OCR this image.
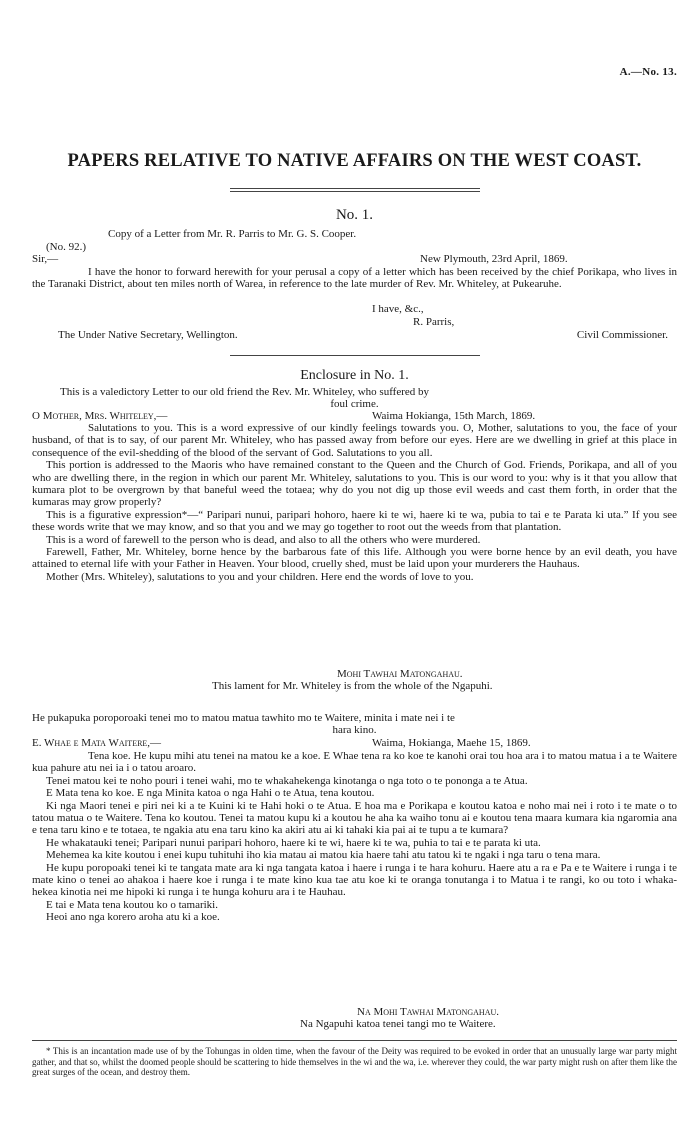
A.—No. 13.
PAPERS RELATIVE TO NATIVE AFFAIRS ON THE WEST COAST.
No. 1.
Copy of a Letter from Mr. R. Parris to Mr. G. S. Cooper.
(No. 92.)
Sir,—	New Plymouth, 23rd April, 1869.

I have the honor to forward herewith for your perusal a copy of a letter which has been received by the chief Porikapa, who lives in the Taranaki District, about ten miles north of Warea, in reference to the late murder of Rev. Mr. Whiteley, at Pukearuhe.

I have, &c.,
R. Parris,
The Under Native Secretary, Wellington.	Civil Commissioner.
Enclosure in No. 1.
This is a valedictory Letter to our old friend the Rev. Mr. Whiteley, who suffered by
foul crime.
O Mother, Mrs. Whiteley,—	Waima Hokianga, 15th March, 1869.

Salutations to you. This is a word expressive of our kindly feelings towards you. O, Mother, salutations to you, the face of your husband, of that is to say, of our parent Mr. Whiteley, who has passed away from before our eyes. Here are we dwelling in grief at this place in consequence of the evil-shedding of the blood of the servant of God. Salutations to you all.

This portion is addressed to the Maoris who have remained constant to the Queen and the Church of God. Friends, Porikapa, and all of you who are dwelling there, in the region in which our parent Mr. Whiteley, salutations to you. This is our word to you: why is it that you allow that kumara plot to be overgrown by that baneful weed the totaea; why do you not dig up those evil weeds and cast them forth, in order that the kumaras may grow properly?

This is a figurative expression*—“ Paripari nunui, paripari hohoro, haere ki te wi, haere ki te wa, pubia to tai e te Parata ki uta.” If you see these words write that we may know, and so that you and we may go together to root out the weeds from that plantation.

This is a word of farewell to the person who is dead, and also to all the others who were murdered.

Farewell, Father, Mr. Whiteley, borne hence by the barbarous fate of this life. Although you were borne hence by an evil death, you have attained to eternal life with your Father in Heaven. Your blood, cruelly shed, must be laid upon your murderers the Hauhaus.

Mother (Mrs. Whiteley), salutations to you and your children. Here end the words of love to you.

Mohi Tawhai Matongahau.
This lament for Mr. Whiteley is from the whole of the Ngapuhi.
He pukapuka poroporoaki tenei mo to matou matua tawhito mo te Waitere, minita i mate nei i te
hara kino.
E. Whae e Mata Waitere,—	Waima, Hokianga, Maehe 15, 1869.

Tena koe. He kupu mihi atu tenei na matou ke a koe. E Whae tena ra ko koe te kanohi orai tou hoa ara i to matou matua i a te Waitere kua pahure atu nei ia i o tatou aroaro.

Tenei matou kei te noho pouri i tenei wahi, mo te whakahekenga kinotanga o nga toto o te pononga a te Atua.

E Mata tena ko koe. E nga Minita katoa o nga Hahi o te Atua, tena koutou.

Ki nga Maori tenei e piri nei ki a te Kuini ki te Hahi hoki o te Atua. E hoa ma e Porikapa e koutou katoa e noho mai nei i roto i te mate o to tatou matua o te Waitere. Tena ko koutou. Tenei ta matou kupu ki a koutou he aha ka waiho tonu ai e koutou tena maara kumara kia ngaromia ana e tena taru kino e te totaea, te ngakia atu ena taru kino ka akiri atu ai ki tahaki kia pai ai te tupu a te kumara?

He whakatauki tenei; Paripari nunui paripari hohoro, haere ki te wi, haere ki te wa, puhia to tai e te parata ki uta.

Mehemea ka kite koutou i enei kupu tuhituhi iho kia matau ai matou kia haere tahi atu tatou ki te ngaki i nga taru o tena mara.

He kupu poropoaki tenei ki te tangata mate ara ki nga tangata katoa i haere i runga i te hara kohuru. Haere atu a ra e Pa e te Waitere i runga i te mate kino o tenei ao ahakoa i haere koe i runga i te mate kino kua tae atu koe ki te oranga tonutanga i to Matua i te rangi, ko ou toto i whaka-hekea kinotia nei me hipoki ki runga i te hunga kohuru ara i te Hauhau.

E tai e Mata tena koutou ko o tamariki.

Heoi ano nga korero aroha atu ki a koe.

Na Mohi Tawhai Matongahau.
Na Ngapuhi katoa tenei tangi mo te Waitere.

* This is an incantation made use of by the Tohungas in olden time, when the favour of the Deity was required to be evoked in order that an unusually large war party might gather, and that so, whilst the doomed people should be scattering to hide themselves in the wi and the wa, i.e. wherever they could, the war party might rush on after them like the great surges of the ocean, and destroy them.
